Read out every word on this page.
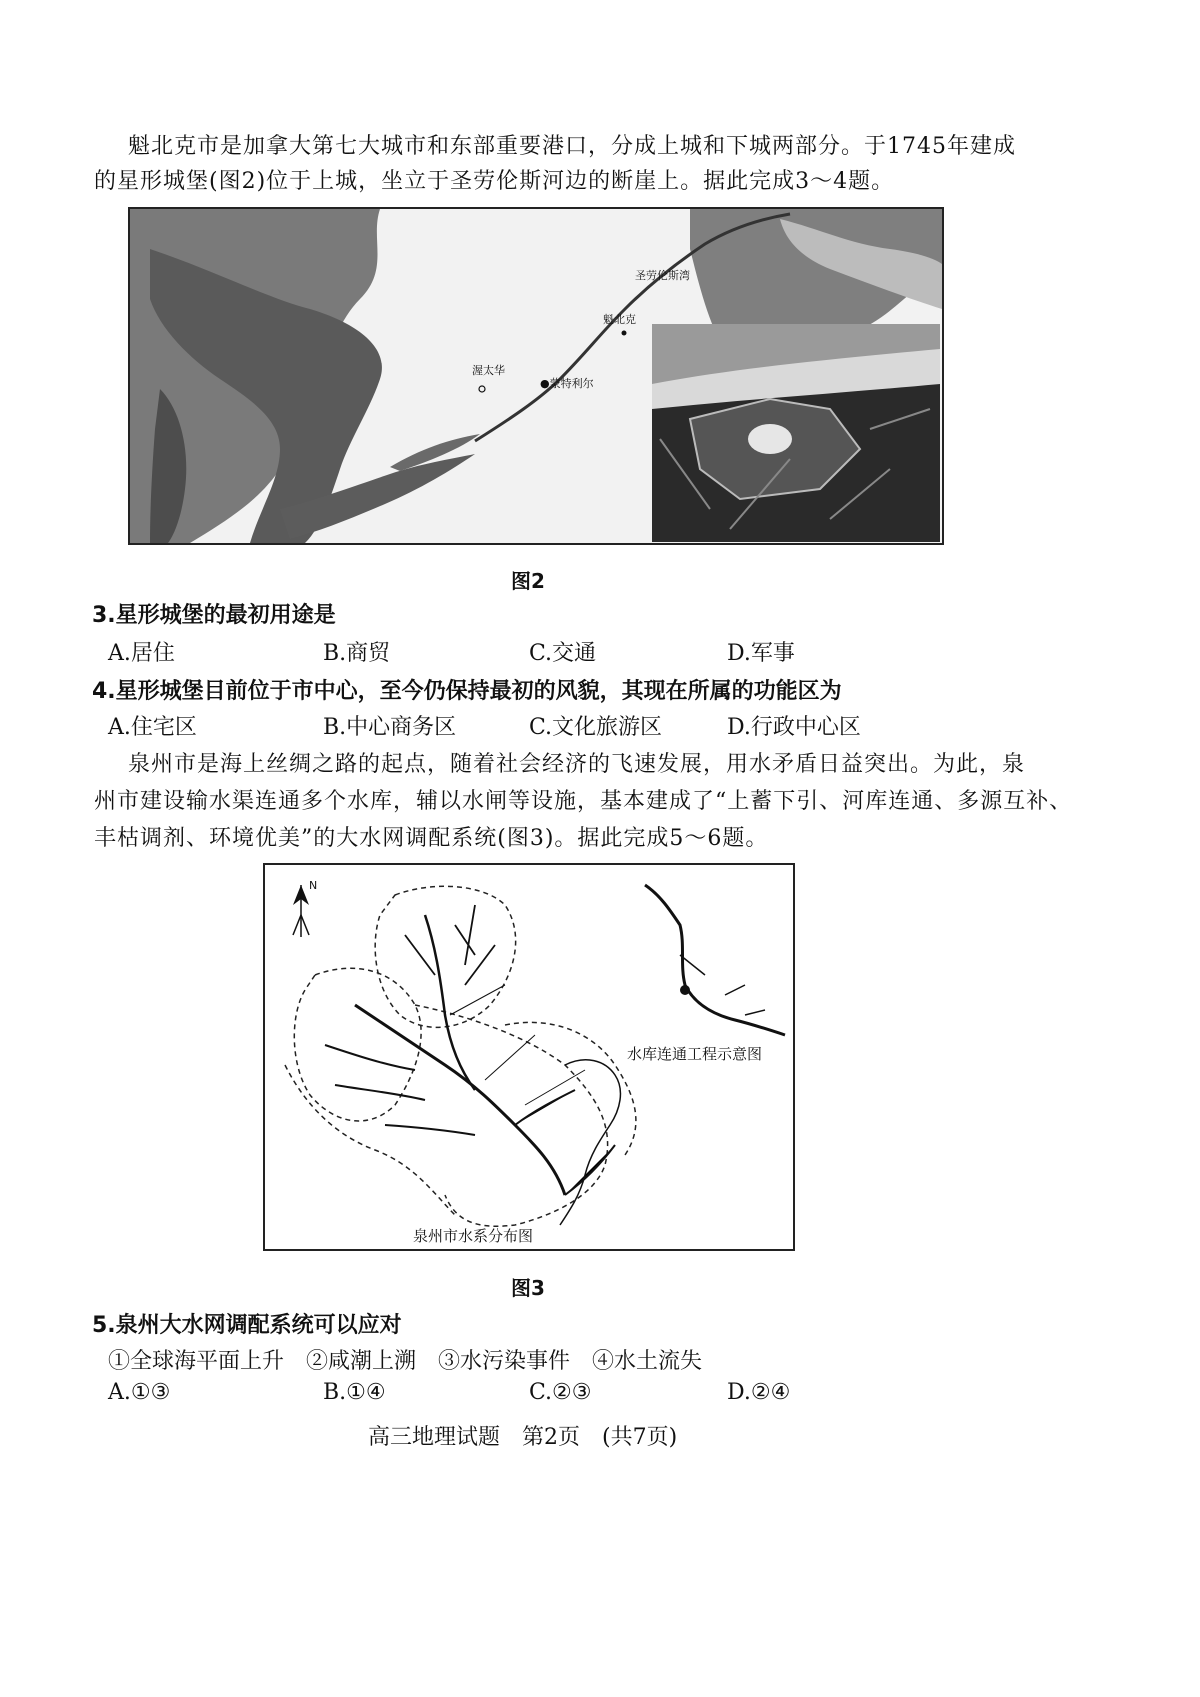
魁北克市是加拿大第七大城市和东部重要港口，分成上城和下城两部分。于1745年建成
的星形城堡(图2)位于上城，坐立于圣劳伦斯河边的断崖上。据此完成3～4题。
圣劳伦斯湾
魁北克
渥太华
●蒙特利尔
图2
3.星形城堡的最初用途是
A.居住	B.商贸	C.交通	D.军事
4.星形城堡目前位于市中心，至今仍保持最初的风貌，其现在所属的功能区为
A.住宅区	B.中心商务区	C.文化旅游区	D.行政中心区
泉州市是海上丝绸之路的起点，随着社会经济的飞速发展，用水矛盾日益突出。为此，泉
州市建设输水渠连通多个水库，辅以水闸等设施，基本建成了“上蓄下引、河库连通、多源互补、
丰枯调剂、环境优美”的大水网调配系统(图3)。据此完成5～6题。
N
水库连通工程示意图
泉州市水系分布图
图3
5.泉州大水网调配系统可以应对
①全球海平面上升　②咸潮上溯　③水污染事件　④水土流失
A.①③	B.①④	C.②③	D.②④
高三地理试题　第2页　(共7页)
